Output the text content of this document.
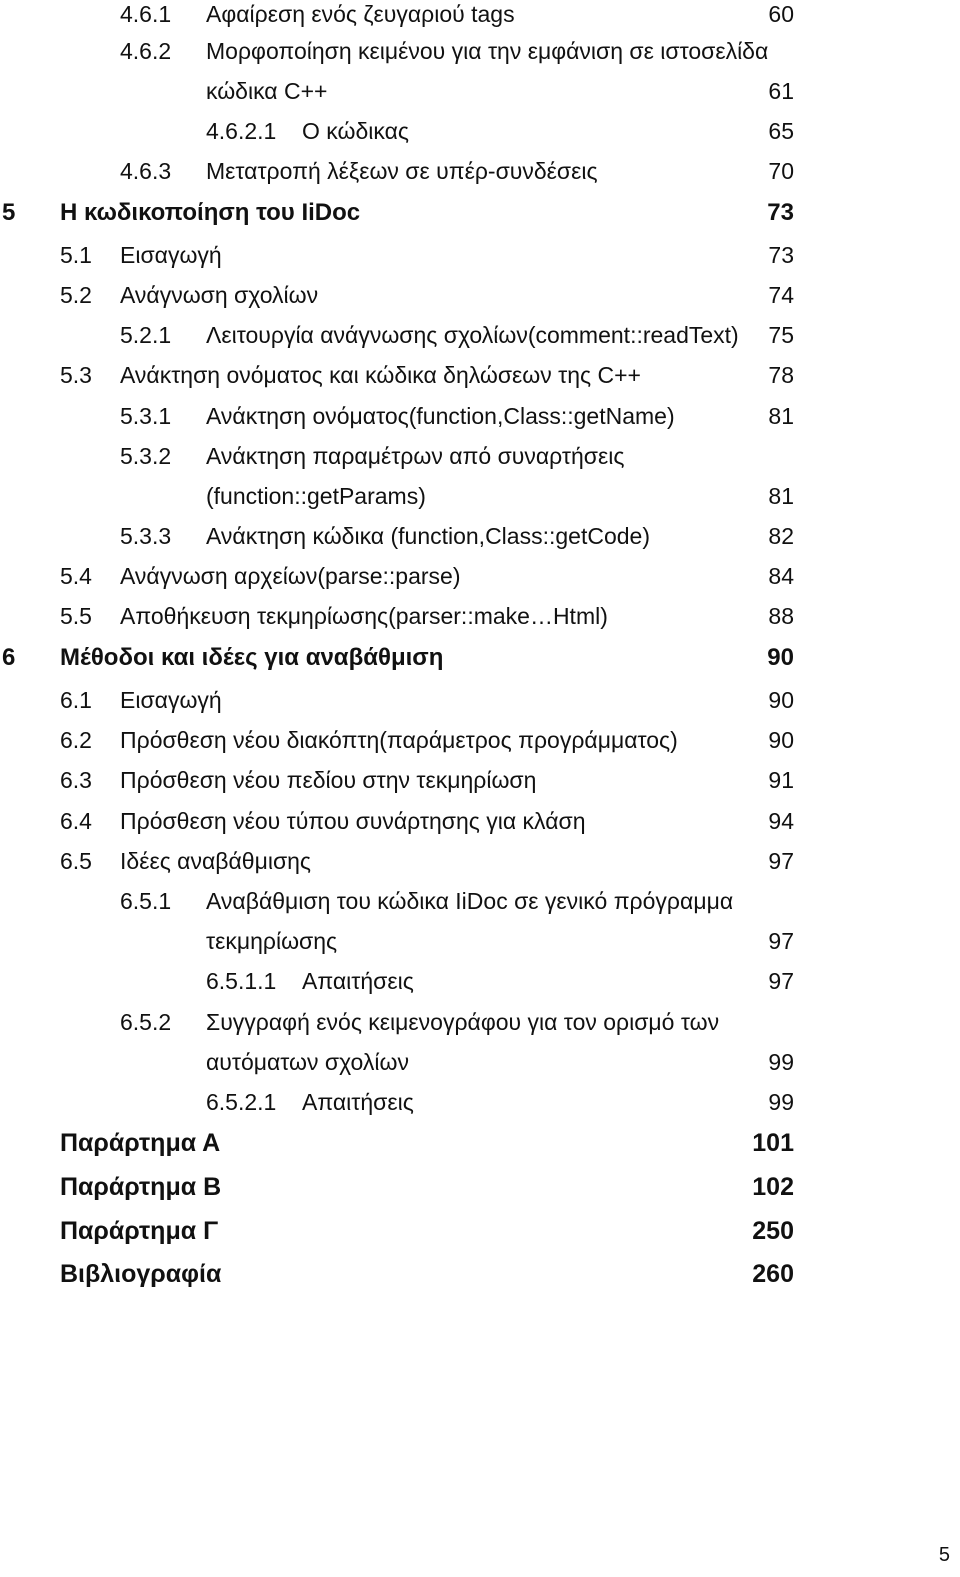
4.6.1 Αφαίρεση ενός ζευγαριού tags	60
4.6.2 Μορφοποίηση κειμένου για την εμφάνιση σε ιστοσελίδα
κώδικα C++	61
4.6.2.1 Ο κώδικας	65
4.6.3 Μετατροπή λέξεων σε υπέρ-συνδέσεις	70
5 Η κωδικοποίηση του IiDoc	73
5.1 Εισαγωγή	73
5.2 Ανάγνωση σχολίων	74
5.2.1 Λειτουργία ανάγνωσης σχολίων(comment::readText) 75
5.3 Ανάκτηση ονόματος και κώδικα δηλώσεων της C++	78
5.3.1 Ανάκτηση ονόματος(function,Class::getName)	81
5.3.2 Ανάκτηση παραμέτρων από συναρτήσεις
(function::getParams)	81
5.3.3 Ανάκτηση κώδικα (function,Class::getCode)	82
5.4 Ανάγνωση αρχείων(parse::parse)	84
5.5 Αποθήκευση τεκμηρίωσης(parser::make…Html)	88
6 Μέθοδοι και ιδέες για αναβάθμιση	90
6.1 Εισαγωγή	90
6.2 Πρόσθεση νέου διακόπτη(παράμετρος προγράμματος)	90
6.3 Πρόσθεση νέου πεδίου στην τεκμηρίωση	91
6.4 Πρόσθεση νέου τύπου συνάρτησης για κλάση	94
6.5 Ιδέες αναβάθμισης	97
6.5.1 Αναβάθμιση του κώδικα IiDoc σε γενικό πρόγραμμα
τεκμηρίωσης	97
6.5.1.1 Απαιτήσεις	97
6.5.2 Συγγραφή ενός κειμενογράφου για τον ορισμό των
αυτόματων σχολίων	99
6.5.2.1 Απαιτήσεις	99
Παράρτημα Α	101
Παράρτημα Β	102
Παράρτημα Γ	250
Βιβλιογραφία	260
5
